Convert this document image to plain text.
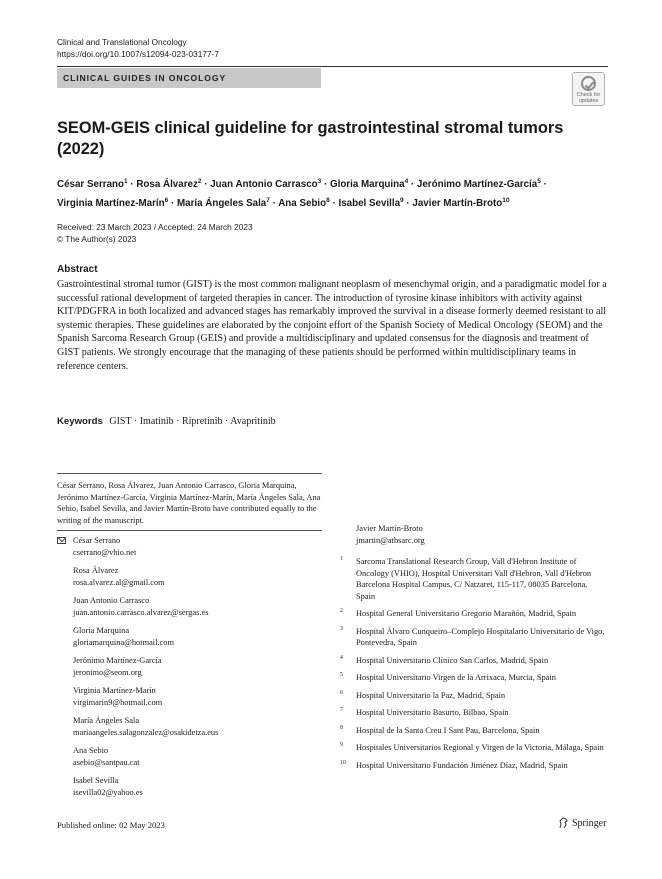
Clinical and Translational Oncology
https://doi.org/10.1007/s12094-023-03177-7
CLINICAL GUIDES IN ONCOLOGY
Check for
updates
SEOM-GEIS clinical guideline for gastrointestinal stromal tumors (2022)
César Serrano$^1$ · Rosa Álvarez$^2$ · Juan Antonio Carrasco$^3$ · Gloria Marquina$^4$ · Jerónimo Martínez-García$^5$ ·
Virginia Martínez-Marín$^6$ · María Ángeles Sala$^7$ · Ana Sebio$^8$ · Isabel Sevilla$^9$ · Javier Martín-Broto$^{10}$
Received: 23 March 2023 / Accepted: 24 March 2023
© The Author(s) 2023
Abstract

Gastrointestinal stromal tumor (GIST) is the most common malignant neoplasm of mesenchymal origin, and a paradigmatic model for a successful rational development of targeted therapies in cancer. The introduction of tyrosine kinase inhibitors with activity against KIT/PDGFRA in both localized and advanced stages has remarkably improved the survival in a disease formerly deemed resistant to all systemic therapies. These guidelines are elaborated by the conjoint effort of the Spanish Society of Medical Oncology (SEOM) and the Spanish Sarcoma Research Group (GEIS) and provide a multidisciplinary and updated consensus for the diagnosis and treatment of GIST patients. We strongly encourage that the managing of these patients should be performed within multidisciplinary teams in reference centers.

Keywords GIST · Imatinib · Ripretinib · Avapritinib

César Serrano, Rosa Álvarez, Juan Antonio Carrasco, Gloria Marquina, Jerónimo Martínez-García, Virginia Martínez-Marín, María Ángeles Sala, Ana Sebio, Isabel Sevilla, and Javier Martín-Broto have contributed equally to the writing of the manuscript.

César Serrano
cserrano@vhio.net
Rosa Álvarez
rosa.alvarez.al@gmail.com
Juan Antonio Carrasco
juan.antonio.carrasco.alvarez@sergas.es
Gloria Marquina
gloriamarquina@hotmail.com
Jerónimo Martínez-García
jeronimo@seom.org
Virginia Martínez-Marín
virgimarin9@hotmail.com
María Ángeles Sala
mariaangeles.salagonzalez@osakidetza.eus
Ana Sebio
asebio@santpau.cat
Isabel Sevilla
isevilla02@yahoo.es
Javier Martín-Broto
jmartin@atbsarc.org
1 Sarcoma Translational Research Group, Vall d'Hebron Institute of Oncology (VHIO), Hospital Universitari Vall d'Hebron, Vall d'Hebron Barcelona Hospital Campus, C/ Natzaret, 115-117, 08035 Barcelona, Spain
2 Hospital General Universitario Gregorio Marañón, Madrid, Spain
3 Hospital Álvaro Cunqueiro–Complejo Hospitalario Universitario de Vigo, Pontevedra, Spain
4 Hospital Universitario Clínico San Carlos, Madrid, Spain
5 Hospital Universitario Virgen de la Arrixaca, Murcia, Spain
6 Hospital Universitario la Paz, Madrid, Spain
7 Hospital Universitario Basurto, Bilbao, Spain
8 Hospital de la Santa Creu I Sant Pau, Barcelona, Spain
9 Hospitales Universitarios Regional y Virgen de la Victoria, Málaga, Spain
10 Hospital Universitario Fundación Jiménez Díaz, Madrid, Spain
Published online: 02 May 2023	Springer
